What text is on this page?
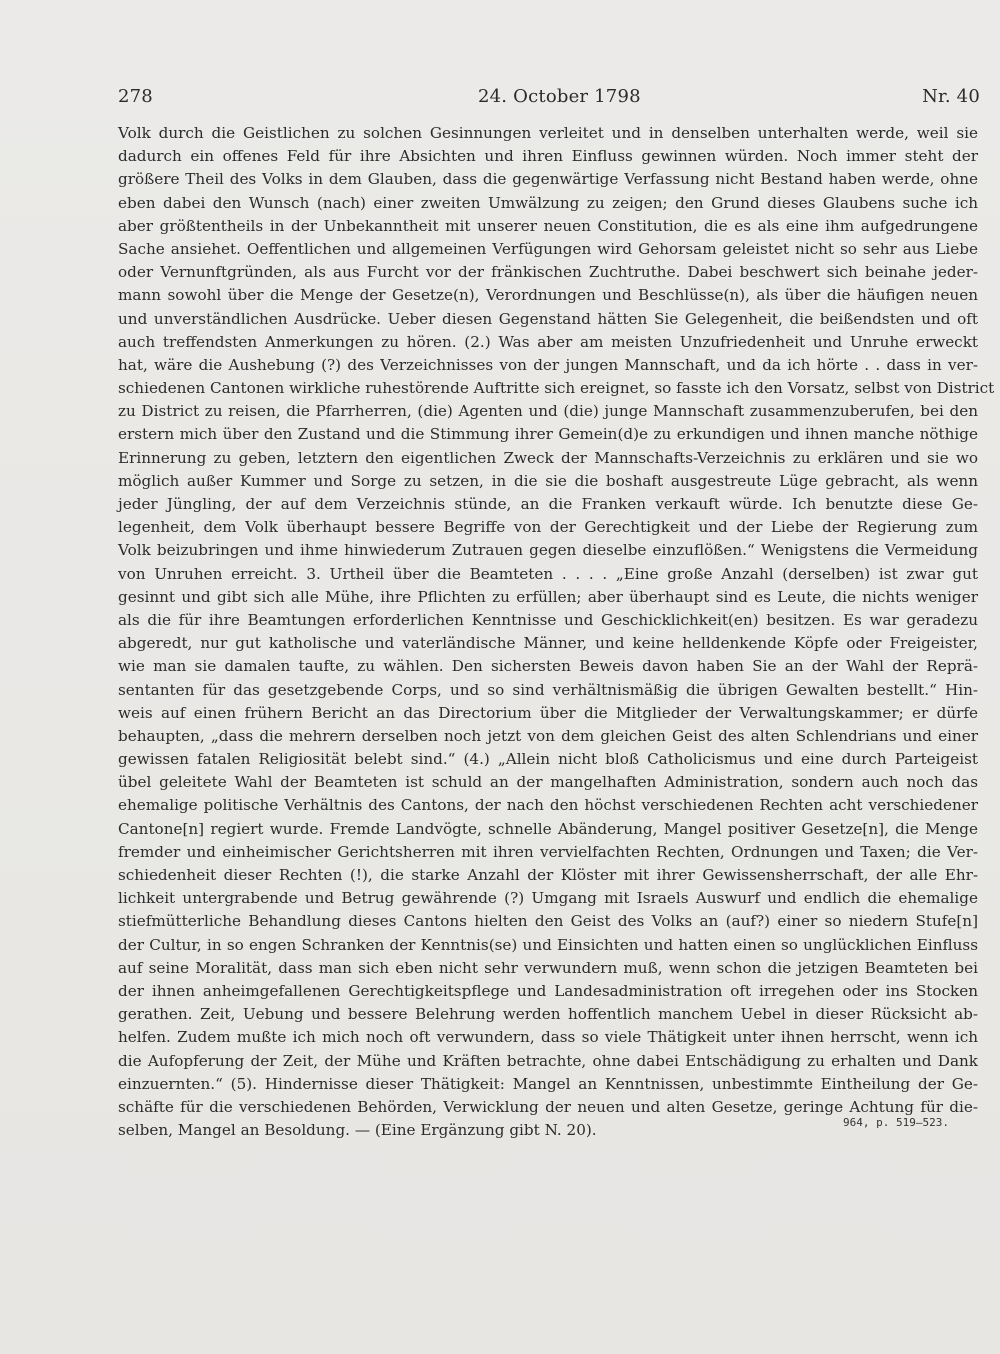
278	24. October 1798	Nr. 40
Volk durch die Geistlichen zu solchen Gesinnungen verleitet und in denselben unterhalten werde, weil sie
dadurch ein offenes Feld für ihre Absichten und ihren Einfluss gewinnen würden. Noch immer steht der
größere Theil des Volks in dem Glauben, dass die gegenwärtige Verfassung nicht Bestand haben werde, ohne
eben dabei den Wunsch (nach) einer zweiten Umwälzung zu zeigen; den Grund dieses Glaubens suche ich
aber größtentheils in der Unbekanntheit mit unserer neuen Constitution, die es als eine ihm aufgedrungene
Sache ansiehet. Oeffentlichen und allgemeinen Verfügungen wird Gehorsam geleistet nicht so sehr aus Liebe
oder Vernunftgründen, als aus Furcht vor der fränkischen Zuchtruthe. Dabei beschwert sich beinahe jeder-
mann sowohl über die Menge der Gesetze(n), Verordnungen und Beschlüsse(n), als über die häufigen neuen
und unverständlichen Ausdrücke. Ueber diesen Gegenstand hätten Sie Gelegenheit, die beißendsten und oft
auch treffendsten Anmerkungen zu hören. (2.) Was aber am meisten Unzufriedenheit und Unruhe erweckt
hat, wäre die Aushebung (?) des Verzeichnisses von der jungen Mannschaft, und da ich hörte . . dass in ver-
schiedenen Cantonen wirkliche ruhestörende Auftritte sich ereignet, so fasste ich den Vorsatz, selbst von District
zu District zu reisen, die Pfarrherren, (die) Agenten und (die) junge Mannschaft zusammenzuberufen, bei den
erstern mich über den Zustand und die Stimmung ihrer Gemein(d)e zu erkundigen und ihnen manche nöthige
Erinnerung zu geben, letztern den eigentlichen Zweck der Mannschafts-Verzeichnis zu erklären und sie wo
möglich außer Kummer und Sorge zu setzen, in die sie die boshaft ausgestreute Lüge gebracht, als wenn
jeder Jüngling, der auf dem Verzeichnis stünde, an die Franken verkauft würde. Ich benutzte diese Ge-
legenheit, dem Volk überhaupt bessere Begriffe von der Gerechtigkeit und der Liebe der Regierung zum
Volk beizubringen und ihme hinwiederum Zutrauen gegen dieselbe einzuflößen.“ Wenigstens die Vermeidung
von Unruhen erreicht. 3. Urtheil über die Beamteten . . . . „Eine große Anzahl (derselben) ist zwar gut
gesinnt und gibt sich alle Mühe, ihre Pflichten zu erfüllen; aber überhaupt sind es Leute, die nichts weniger
als die für ihre Beamtungen erforderlichen Kenntnisse und Geschicklichkeit(en) besitzen. Es war geradezu
abgeredt, nur gut katholische und vaterländische Männer, und keine helldenkende Köpfe oder Freigeister,
wie man sie damalen taufte, zu wählen. Den sichersten Beweis davon haben Sie an der Wahl der Reprä-
sentanten für das gesetzgebende Corps, und so sind verhältnismäßig die übrigen Gewalten bestellt.“ Hin-
weis auf einen frühern Bericht an das Directorium über die Mitglieder der Verwaltungskammer; er dürfe
behaupten, „dass die mehrern derselben noch jetzt von dem gleichen Geist des alten Schlendrians und einer
gewissen fatalen Religiosität belebt sind.“ (4.) „Allein nicht bloß Catholicismus und eine durch Parteigeist
übel geleitete Wahl der Beamteten ist schuld an der mangelhaften Administration, sondern auch noch das
ehemalige politische Verhältnis des Cantons, der nach den höchst verschiedenen Rechten acht verschiedener
Cantone[n] regiert wurde. Fremde Landvögte, schnelle Abänderung, Mangel positiver Gesetze[n], die Menge
fremder und einheimischer Gerichtsherren mit ihren vervielfachten Rechten, Ordnungen und Taxen; die Ver-
schiedenheit dieser Rechten (!), die starke Anzahl der Klöster mit ihrer Gewissensherrschaft, der alle Ehr-
lichkeit untergrabende und Betrug gewährende (?) Umgang mit Israels Auswurf und endlich die ehemalige
stiefmütterliche Behandlung dieses Cantons hielten den Geist des Volks an (auf?) einer so niedern Stufe[n]
der Cultur, in so engen Schranken der Kenntnis(se) und Einsichten und hatten einen so unglücklichen Einfluss
auf seine Moralität, dass man sich eben nicht sehr verwundern muß, wenn schon die jetzigen Beamteten bei
der ihnen anheimgefallenen Gerechtigkeitspflege und Landesadministration oft irregehen oder ins Stocken
gerathen. Zeit, Uebung und bessere Belehrung werden hoffentlich manchem Uebel in dieser Rücksicht ab-
helfen. Zudem mußte ich mich noch oft verwundern, dass so viele Thätigkeit unter ihnen herrscht, wenn ich
die Aufopferung der Zeit, der Mühe und Kräften betrachte, ohne dabei Entschädigung zu erhalten und Dank
einzuernten.“ (5). Hindernisse dieser Thätigkeit: Mangel an Kenntnissen, unbestimmte Eintheilung der Ge-
schäfte für die verschiedenen Behörden, Verwicklung der neuen und alten Gesetze, geringe Achtung für die-
selben, Mangel an Besoldung. — (Eine Ergänzung gibt N. 20).	964, p. 519–523.
